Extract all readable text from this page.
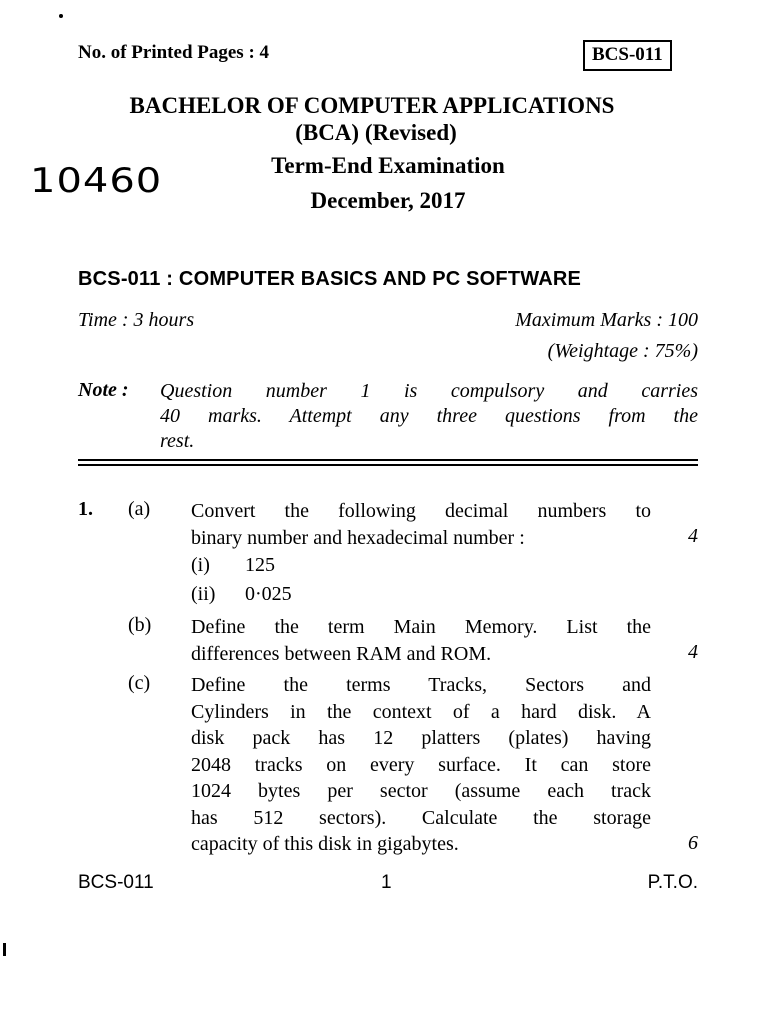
No. of Printed Pages : 4	BCS-011
BACHELOR OF COMPUTER APPLICATIONS
(BCA) (Revised)
10460	Term-End Examination
December, 2017
BCS-011 : COMPUTER BASICS AND PC SOFTWARE
Time : 3 hours	Maximum Marks : 100
(Weightage : 75%)
Note : Question number 1 is compulsory and carries
40 marks. Attempt any three questions from the
rest.
1. (a) Convert the following decimal numbers to
binary number and hexadecimal number :	4
(i) 125
(ii) 0·025
(b) Define the term Main Memory. List the
differences between RAM and ROM.	4
(c) Define the terms Tracks, Sectors and
Cylinders in the context of a hard disk. A
disk pack has 12 platters (plates) having
2048 tracks on every surface. It can store
1024 bytes per sector (assume each track
has 512 sectors). Calculate the storage
capacity of this disk in gigabytes.	6
BCS-011	1	P.T.O.
